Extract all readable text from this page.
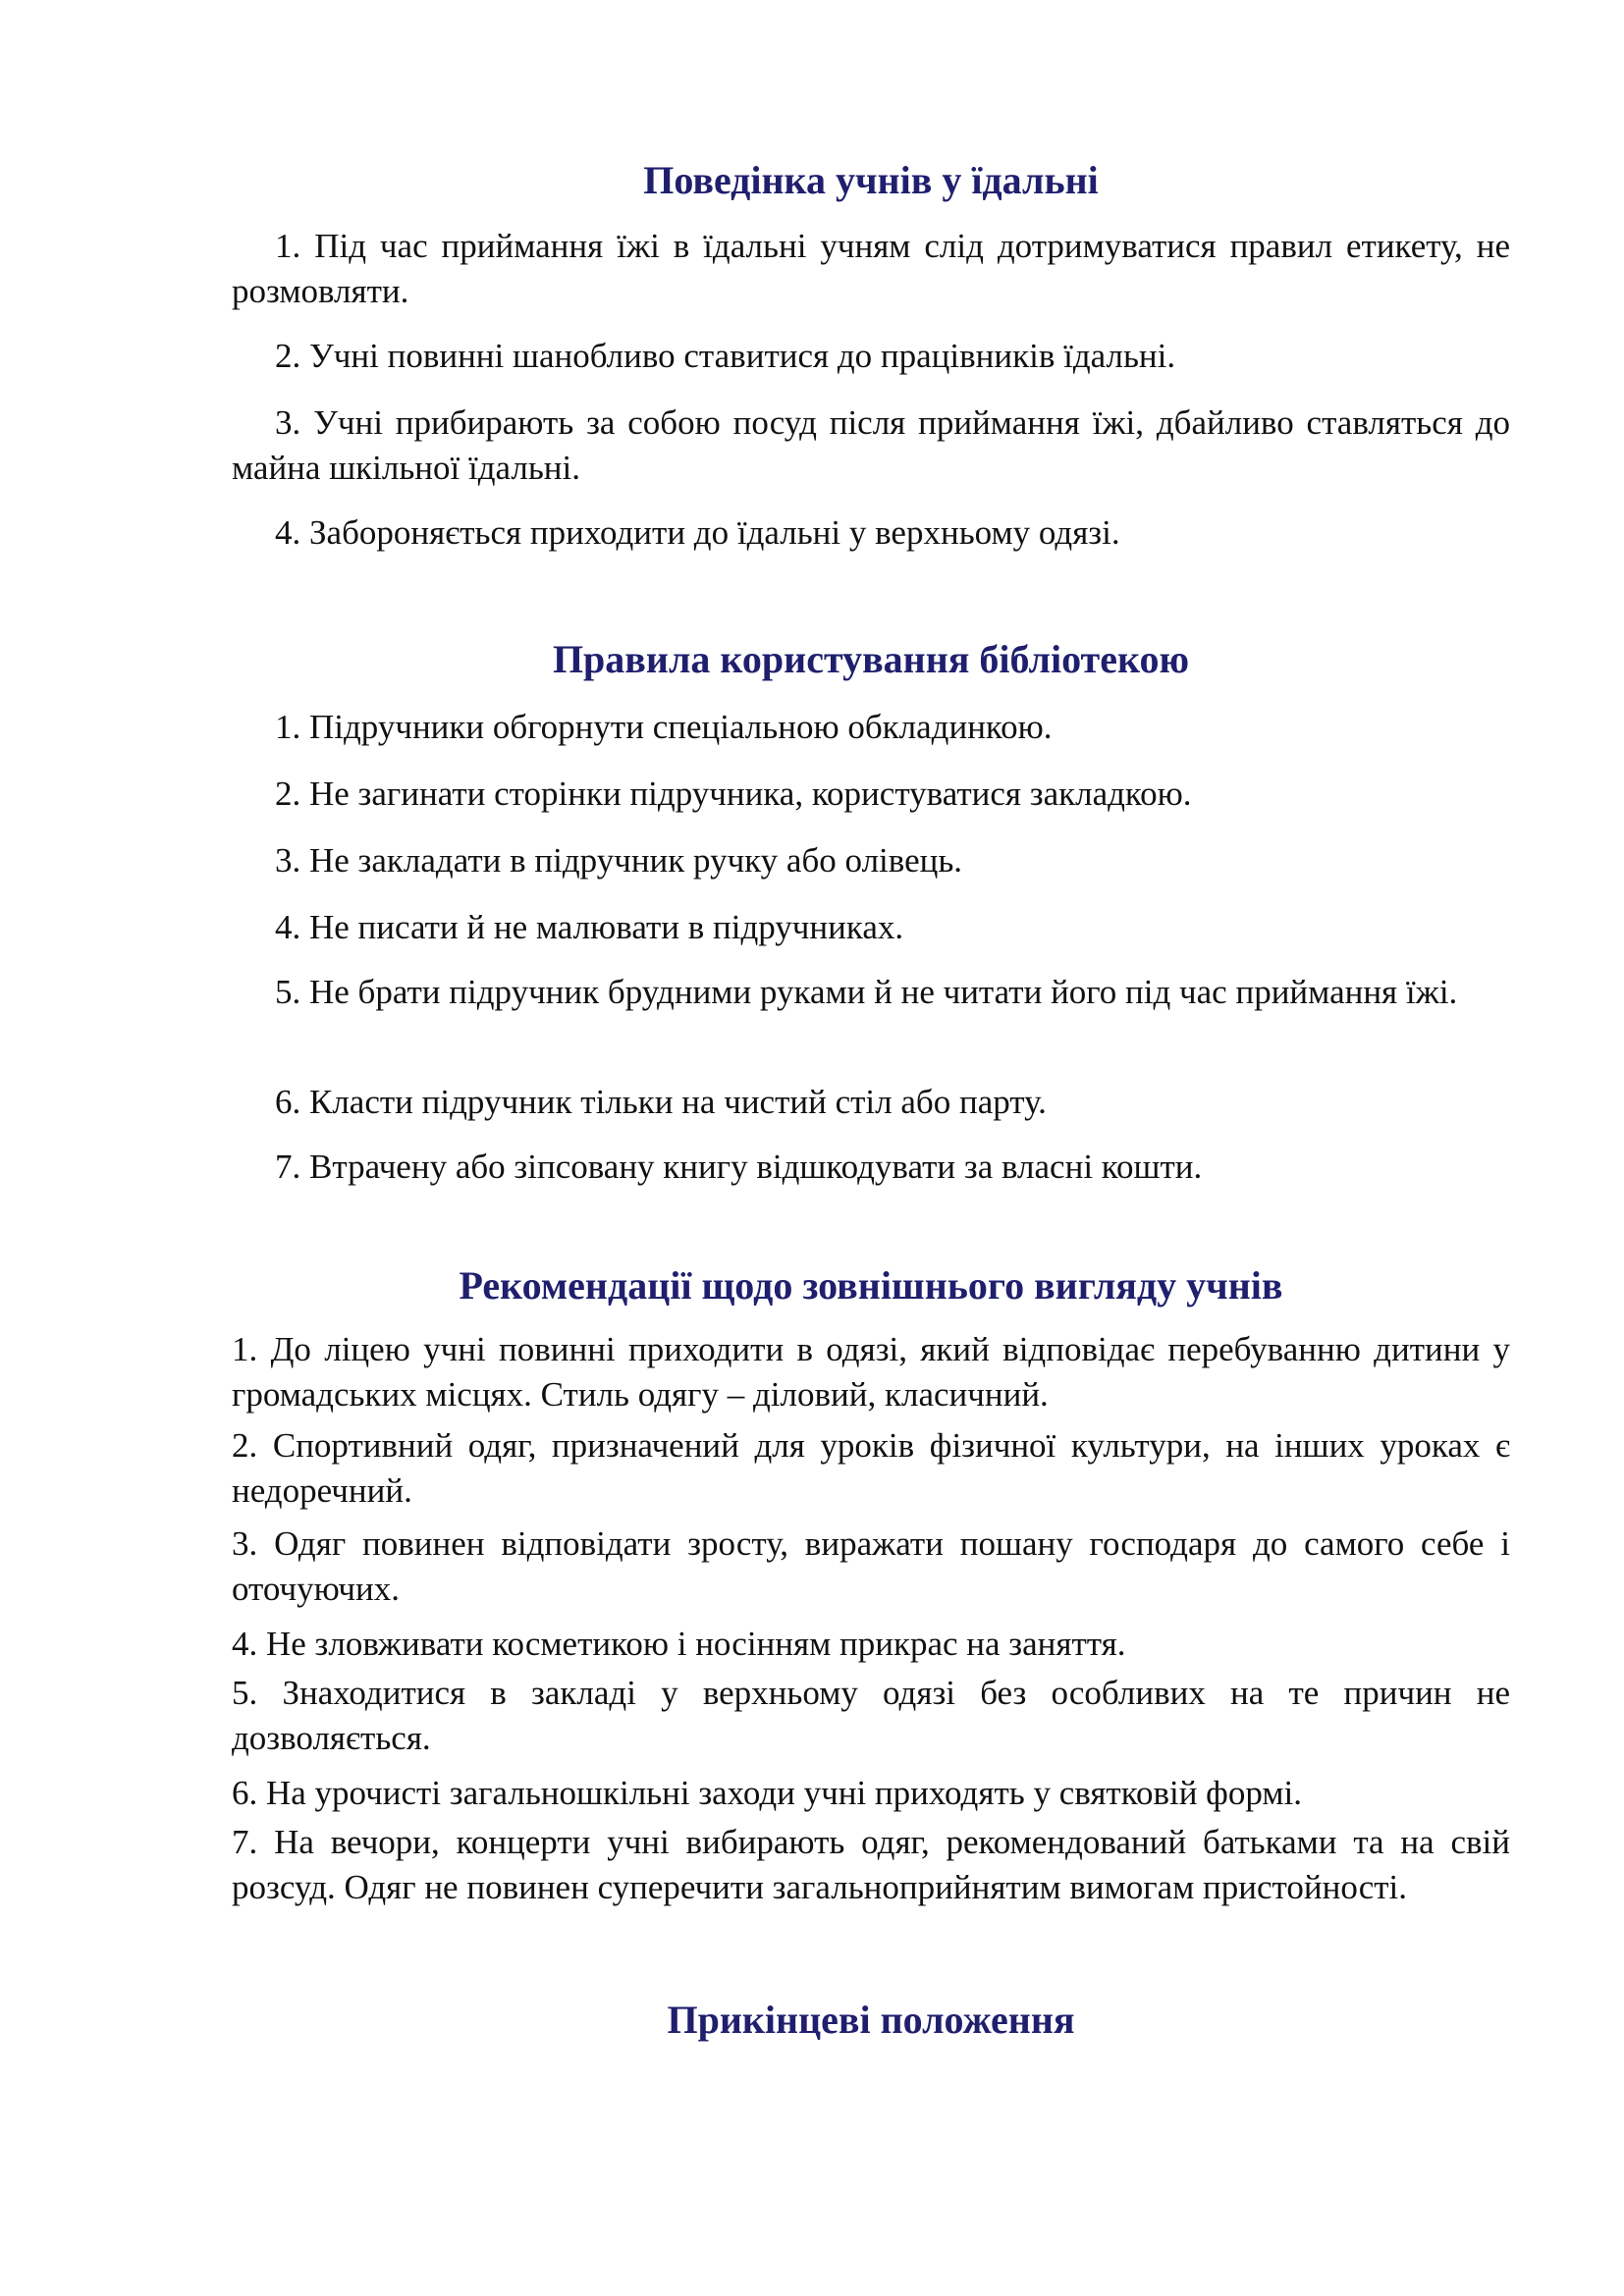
Поведінка учнів у їдальні

1. Під час приймання їжі в їдальні учням слід дотримуватися правил етикету, не розмовляти.

2. Учні повинні шанобливо ставитися до працівників їдальні.

3. Учні прибирають за собою посуд після приймання їжі, дбайливо ставляться до майна шкільної їдальні.

4. Забороняється приходити до їдальні у верхньому одязі.

Правила користування бібліотекою

1. Підручники обгорнути спеціальною обкладинкою.

2. Не загинати сторінки підручника, користуватися закладкою.

3. Не закладати в підручник ручку або олівець.

4. Не писати й не малювати в підручниках.

5. Не брати підручник брудними руками й не читати його під час приймання їжі.

6. Класти підручник тільки на чистий стіл або парту.

7. Втрачену або зіпсовану книгу відшкодувати за власні кошти.

Рекомендації щодо зовнішнього вигляду учнів

1. До ліцею учні повинні приходити в одязі, який відповідає перебуванню дитини у громадських місцях. Стиль одягу – діловий, класичний.

2. Спортивний одяг, призначений для уроків фізичної культури, на інших уроках є недоречний.

3. Одяг повинен відповідати зросту, виражати пошану господаря до самого себе і оточуючих.

4. Не зловживати косметикою і носінням прикрас на заняття.

5. Знаходитися в закладі у верхньому одязі без особливих на те причин не дозволяється.

6. На урочисті загальношкільні заходи учні приходять у святковій формі.

7. На вечори, концерти учні вибирають одяг, рекомендований батьками та на свій розсуд. Одяг не повинен суперечити загальноприйнятим вимогам пристойності.

Прикінцеві положення
